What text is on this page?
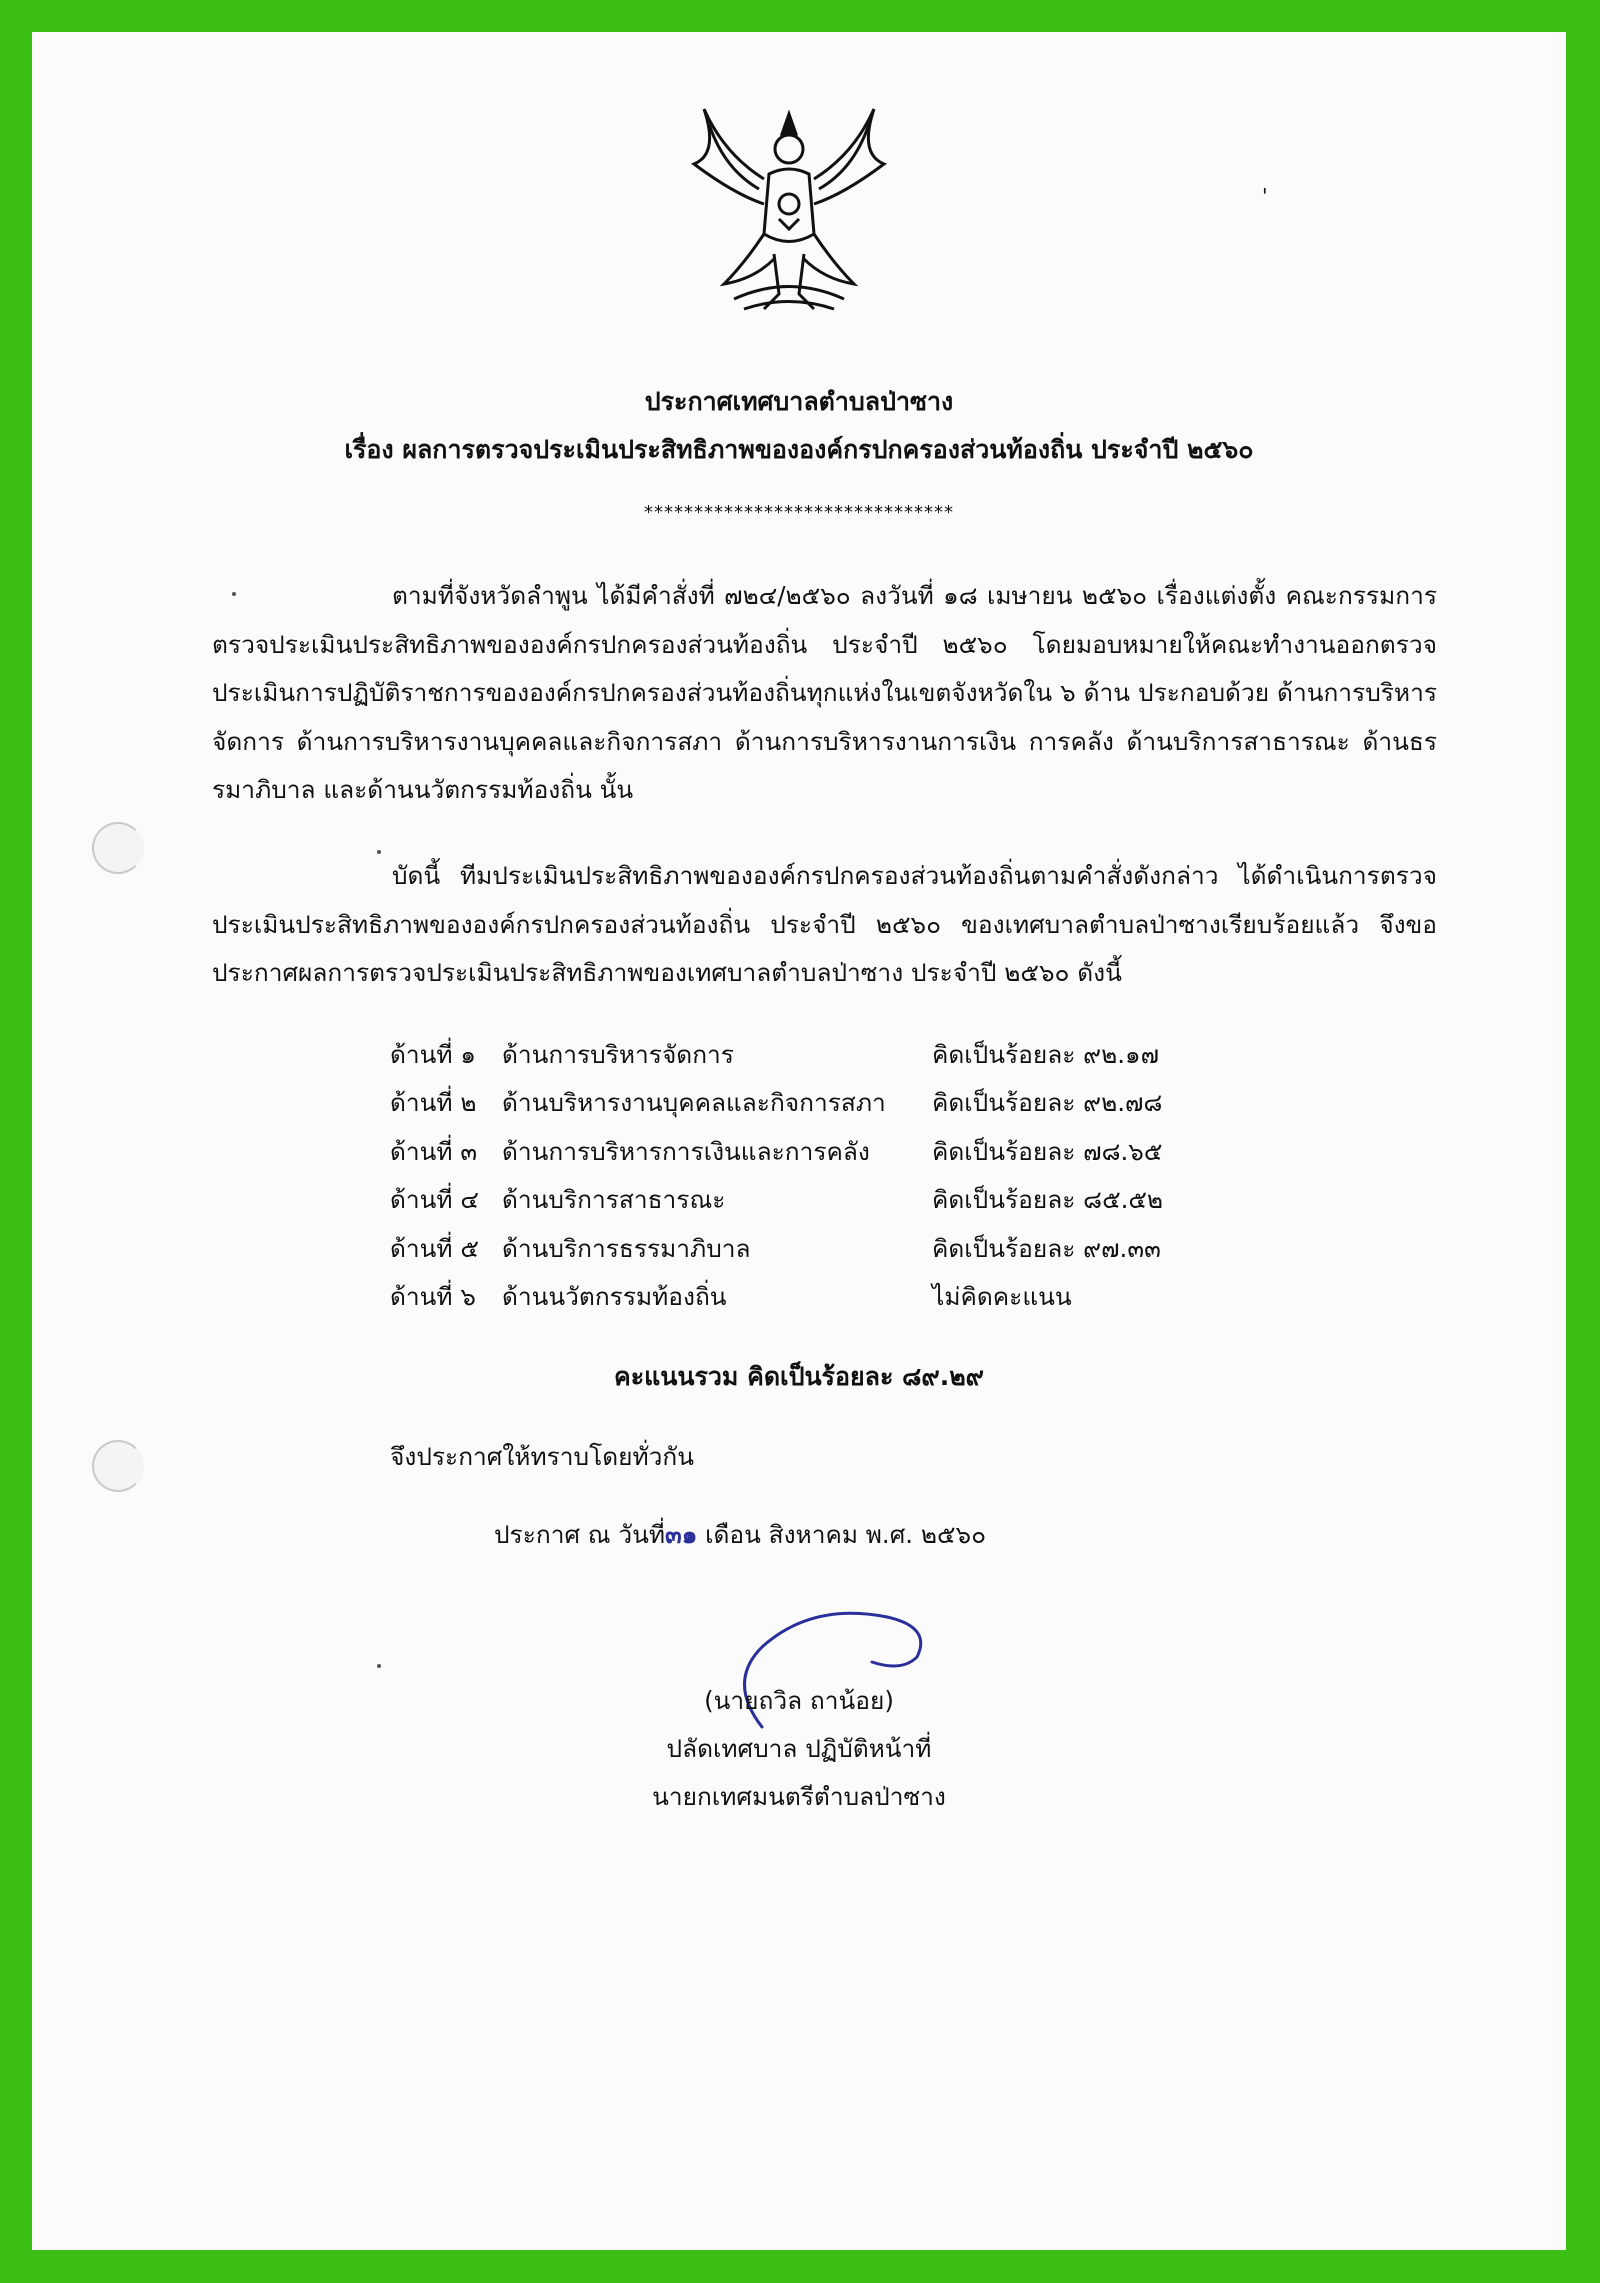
ꞌ
ประกาศเทศบาลตำบลป่าซาง
เรื่อง ผลการตรวจประเมินประสิทธิภาพขององค์กรปกครองส่วนท้องถิ่น ประจำปี ๒๕๖๐
*******************************

ตามที่จังหวัดลำพูน ได้มีคำสั่งที่ ๗๒๔/๒๕๖๐ ลงวันที่ ๑๘ เมษายน ๒๕๖๐ เรื่องแต่งตั้ง คณะกรรมการตรวจประเมินประสิทธิภาพขององค์กรปกครองส่วนท้องถิ่น ประจำปี ๒๕๖๐ โดยมอบหมายให้คณะทำงานออกตรวจประเมินการปฏิบัติราชการขององค์กรปกครองส่วนท้องถิ่นทุกแห่งในเขตจังหวัดใน ๖ ด้าน ประกอบด้วย ด้านการบริหารจัดการ ด้านการบริหารงานบุคคลและกิจการสภา ด้านการบริหารงานการเงิน การคลัง ด้านบริการสาธารณะ ด้านธรรมาภิบาล และด้านนวัตกรรมท้องถิ่น นั้น

บัดนี้ ทีมประเมินประสิทธิภาพขององค์กรปกครองส่วนท้องถิ่นตามคำสั่งดังกล่าว ได้ดำเนินการตรวจประเมินประสิทธิภาพขององค์กรปกครองส่วนท้องถิ่น ประจำปี ๒๕๖๐ ของเทศบาลตำบลป่าซางเรียบร้อยแล้ว จึงขอประกาศผลการตรวจประเมินประสิทธิภาพของเทศบาลตำบลป่าซาง ประจำปี ๒๕๖๐ ดังนี้

ด้านที่ ๑	ด้านการบริหารจัดการ	คิดเป็นร้อยละ ๙๒.๑๗
ด้านที่ ๒	ด้านบริหารงานบุคคลและกิจการสภา	คิดเป็นร้อยละ ๙๒.๗๘
ด้านที่ ๓	ด้านการบริหารการเงินและการคลัง	คิดเป็นร้อยละ ๗๘.๖๕
ด้านที่ ๔	ด้านบริการสาธารณะ	คิดเป็นร้อยละ ๘๕.๕๒
ด้านที่ ๕	ด้านบริการธรรมาภิบาล	คิดเป็นร้อยละ ๙๗.๓๓
ด้านที่ ๖	ด้านนวัตกรรมท้องถิ่น	ไม่คิดคะแนน
คะแนนรวม คิดเป็นร้อยละ ๘๙.๒๙
จึงประกาศให้ทราบโดยทั่วกัน
ประกาศ ณ วันที่๓๑ เดือน สิงหาคม พ.ศ. ๒๕๖๐
(นายถวิล ถาน้อย)
ปลัดเทศบาล ปฏิบัติหน้าที่
นายกเทศมนตรีตำบลป่าซาง
